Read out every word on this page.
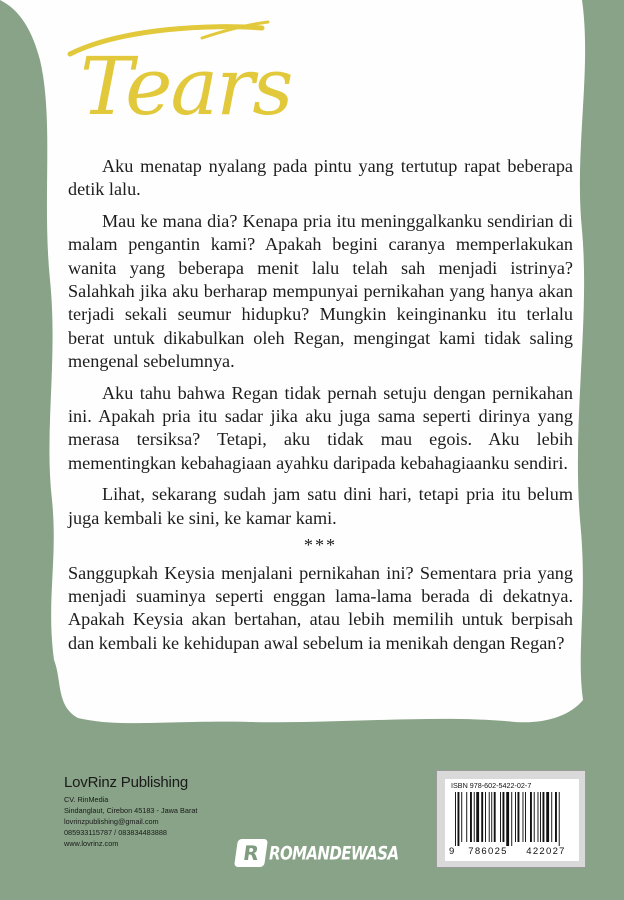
Tears

Aku menatap nyalang pada pintu yang tertutup rapat beberapa detik lalu.

Mau ke mana dia? Kenapa pria itu meninggalkanku sendirian di malam pengantin kami? Apakah begini caranya memperlakukan wanita yang beberapa menit lalu telah sah menjadi istrinya? Salahkah jika aku berharap mempunyai pernikahan yang hanya akan terjadi sekali seumur hidupku? Mungkin keinginanku itu terlalu berat untuk dikabulkan oleh Regan, mengingat kami tidak saling mengenal sebelumnya.

Aku tahu bahwa Regan tidak pernah setuju dengan pernikahan ini. Apakah pria itu sadar jika aku juga sama seperti dirinya yang merasa tersiksa? Tetapi, aku tidak mau egois. Aku lebih mementingkan kebahagiaan ayahku daripada kebahagiaanku sendiri.

Lihat, sekarang sudah jam satu dini hari, tetapi pria itu belum juga kembali ke sini, ke kamar kami.

***

Sanggupkah Keysia menjalani pernikahan ini? Sementara pria yang menjadi suaminya seperti enggan lama-lama berada di dekatnya. Apakah Keysia akan bertahan, atau lebih memilih untuk berpisah dan kembali ke kehidupan awal sebelum ia menikah dengan Regan?

LovRinz Publishing
CV. RinMedia
Sindanglaut, Cirebon 45183 - Jawa Barat
lovrinzpublishing@gmail.com
085933115787 / 083834483888
www.lovrinz.com	R ROMANDEWASA
ISBN 978-602-5422-02-7
9	786025	422027
